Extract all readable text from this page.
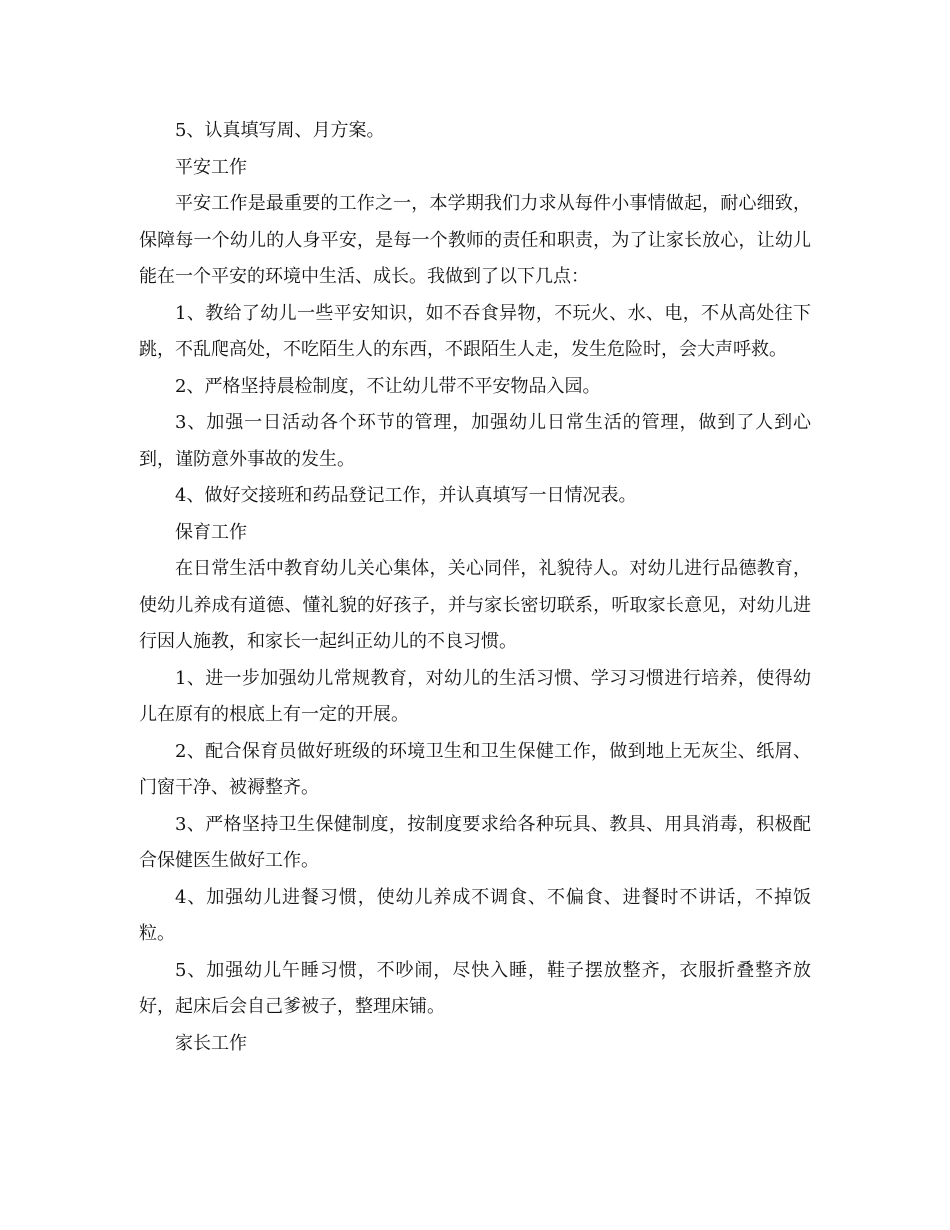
5、认真填写周、月方案。

平安工作

平安工作是最重要的工作之一，本学期我们力求从每件小事情做起，耐心细致，保障每一个幼儿的人身平安，是每一个教师的责任和职责，为了让家长放心，让幼儿能在一个平安的环境中生活、成长。我做到了以下几点：

1、教给了幼儿一些平安知识，如不吞食异物，不玩火、水、电，不从高处往下跳，不乱爬高处，不吃陌生人的东西，不跟陌生人走，发生危险时，会大声呼救。

2、严格坚持晨检制度，不让幼儿带不平安物品入园。

3、加强一日活动各个环节的管理，加强幼儿日常生活的管理，做到了人到心到，谨防意外事故的发生。

4、做好交接班和药品登记工作，并认真填写一日情况表。

保育工作

在日常生活中教育幼儿关心集体，关心同伴，礼貌待人。对幼儿进行品德教育，使幼儿养成有道德、懂礼貌的好孩子，并与家长密切联系，听取家长意见，对幼儿进行因人施教，和家长一起纠正幼儿的不良习惯。

1、进一步加强幼儿常规教育，对幼儿的生活习惯、学习习惯进行培养，使得幼儿在原有的根底上有一定的开展。

2、配合保育员做好班级的环境卫生和卫生保健工作，做到地上无灰尘、纸屑、门窗干净、被褥整齐。

3、严格坚持卫生保健制度，按制度要求给各种玩具、教具、用具消毒，积极配合保健医生做好工作。

4、加强幼儿进餐习惯，使幼儿养成不调食、不偏食、进餐时不讲话，不掉饭粒。

5、加强幼儿午睡习惯，不吵闹，尽快入睡，鞋子摆放整齐，衣服折叠整齐放好，起床后会自己爹被子，整理床铺。

家长工作
